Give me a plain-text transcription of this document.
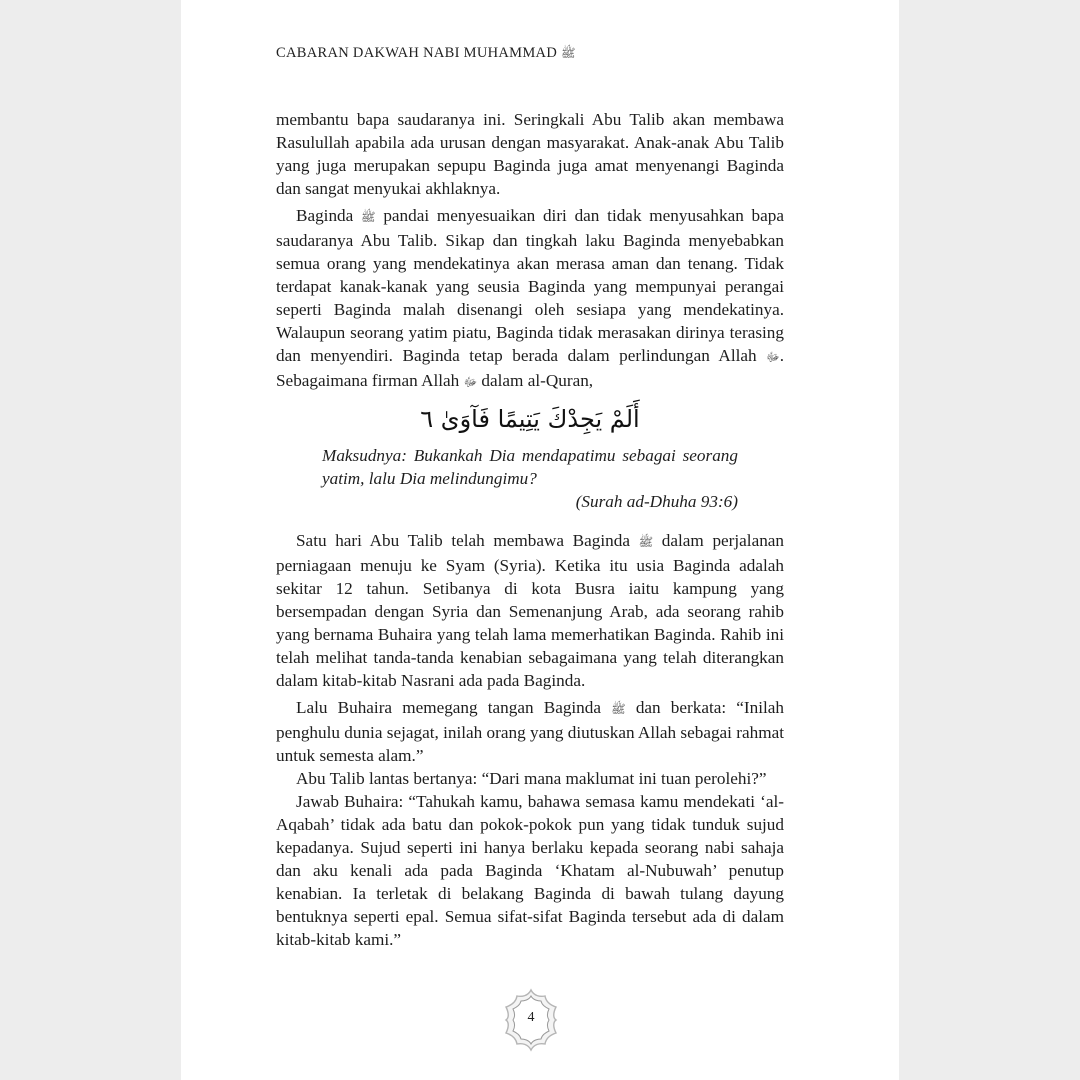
CABARAN DAKWAH NABI MUHAMMAD ﷺ

membantu bapa saudaranya ini. Seringkali Abu Talib akan membawa Rasulullah apabila ada urusan dengan masyarakat. Anak-anak Abu Talib yang juga merupakan sepupu Baginda juga amat menyenangi Baginda dan sangat menyukai akhlaknya.

Baginda ﷺ pandai menyesuaikan diri dan tidak menyusahkan bapa saudaranya Abu Talib. Sikap dan tingkah laku Baginda menyebabkan semua orang yang mendekatinya akan merasa aman dan tenang. Tidak terdapat kanak-kanak yang seusia Baginda yang mempunyai perangai seperti Baginda malah disenangi oleh sesiapa yang mendekatinya. Walaupun seorang yatim piatu, Baginda tidak merasakan dirinya terasing dan menyendiri. Baginda tetap berada dalam perlindungan Allah ﷻ. Sebagaimana firman Allah ﷻ dalam al-Quran,

أَلَمْ يَجِدْكَ يَتِيمًا فَآوَىٰ ٦

Maksudnya: Bukankah Dia mendapatimu sebagai seorang yatim, lalu Dia melindungimu?

(Surah ad-Dhuha 93:6)

Satu hari Abu Talib telah membawa Baginda ﷺ dalam perjalanan perniagaan menuju ke Syam (Syria). Ketika itu usia Baginda adalah sekitar 12 tahun. Setibanya di kota Busra iaitu kampung yang bersempadan dengan Syria dan Semenanjung Arab, ada seorang rahib yang bernama Buhaira yang telah lama memerhatikan Baginda. Rahib ini telah melihat tanda-tanda kenabian sebagaimana yang telah diterangkan dalam kitab-kitab Nasrani ada pada Baginda.

Lalu Buhaira memegang tangan Baginda ﷺ dan berkata: “Inilah penghulu dunia sejagat, inilah orang yang diutuskan Allah sebagai rahmat untuk semesta alam.”

Abu Talib lantas bertanya: “Dari mana maklumat ini tuan perolehi?”

Jawab Buhaira: “Tahukah kamu, bahawa semasa kamu mendekati ‘al-Aqabah’ tidak ada batu dan pokok-pokok pun yang tidak tunduk sujud kepadanya. Sujud seperti ini hanya berlaku kepada seorang nabi sahaja dan aku kenali ada pada Baginda ‘Khatam al-Nubuwah’ penutup kenabian. Ia terletak di belakang Baginda di bawah tulang dayung bentuknya seperti epal. Semua sifat-sifat Baginda tersebut ada di dalam kitab-kitab kami.”

4
